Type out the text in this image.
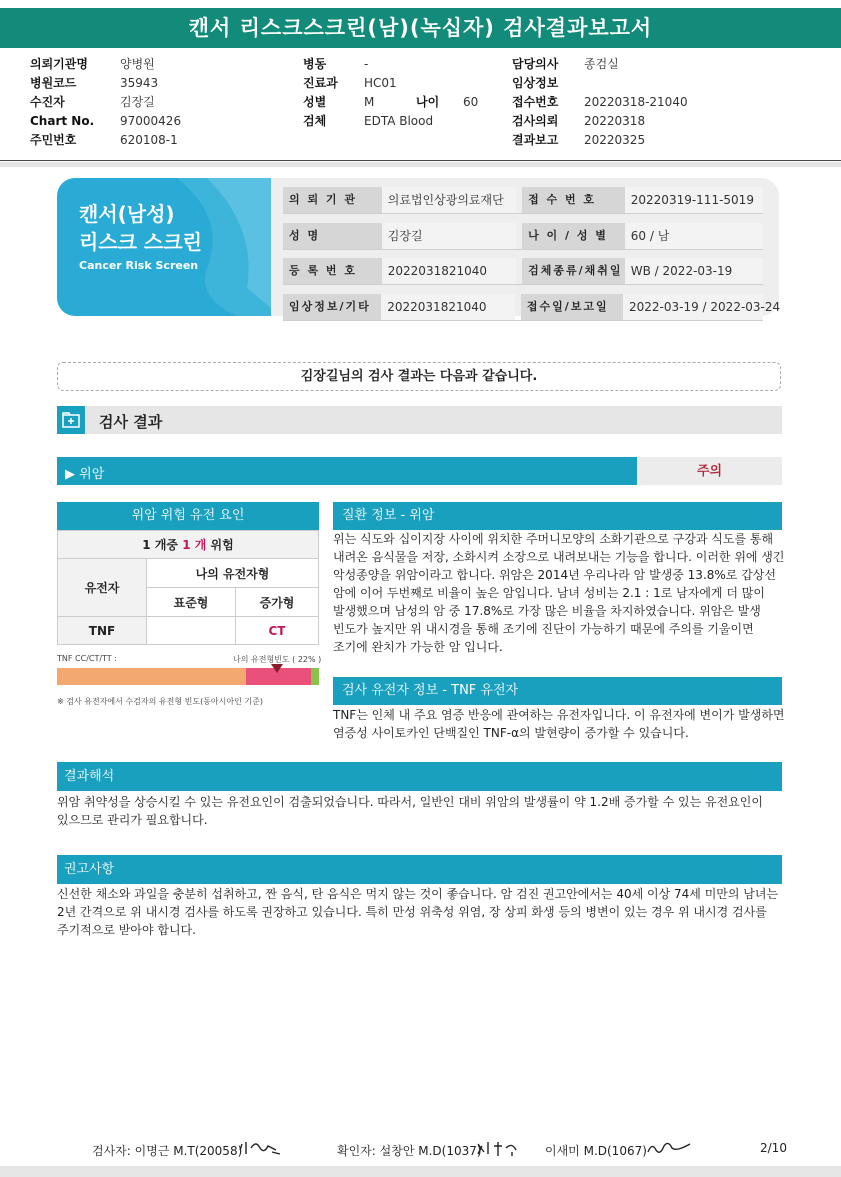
캔서 리스크스크린(남)(녹십자) 검사결과보고서
의뢰기관명	양병원
병원코드	35943
수진자	김장길
Chart No. 97000426
주민번호	620108-1
병동	-
진료과 HC01
성별	M
검체	EDTA Blood
나이 60
담당의사 종검실
임상정보
접수번호 20220318-21040
검사의뢰 20220318
결과보고 20220325
캔서(남성)
리스크 스크린
Cancer Risk Screen
의 뢰 기 관	의료법인상광의료재단	접 수 번 호	20220319-111-5019
성 명	김장길	나 이 / 성 별	60 / 남
등 록 번 호	2022031821040	검체종류/채취일 WB / 2022-03-19
임상정보/기타	2022031821040	접수일/보고일	2022-03-19 / 2022-03-24
김장길님의 검사 결과는 다음과 같습니다.
검사 결과
▶ 위암	주의
위암 위험 유전 요인
1 개중 1 개 위험		
유전자	나의 유전자형	
	표준형	증가형
TNF		CT
TNF CC/CT/TT :	나의 유전형빈도 ( 22% )
※ 검사 유전자에서 수검자의 유전형 빈도(동아시아인 기준)
질환 정보 - 위암
위는 식도와 십이지장 사이에 위치한 주머니모양의 소화기관으로 구강과 식도를 통해
내려온 음식물을 저장, 소화시켜 소장으로 내려보내는 기능을 합니다. 이러한 위에 생긴
악성종양을 위암이라고 합니다. 위암은 2014년 우리나라 암 발생중 13.8%로 갑상선
암에 이어 두번째로 비율이 높은 암입니다. 남녀 성비는 2.1 : 1로 남자에게 더 많이
발생했으며 남성의 암 중 17.8%로 가장 많은 비율을 차지하였습니다. 위암은 발생
빈도가 높지만 위 내시경을 통해 조기에 진단이 가능하기 때문에 주의를 기울이면
조기에 완치가 가능한 암 입니다.
검사 유전자 정보 - TNF 유전자
TNF는 인체 내 주요 염증 반응에 관여하는 유전자입니다. 이 유전자에 변이가 발생하면
염증성 사이토카인 단백질인 TNF-α의 발현량이 증가할 수 있습니다.
결과해석
위암 취약성을 상승시킬 수 있는 유전요인이 검출되었습니다. 따라서, 일반인 대비 위암의 발생률이 약 1.2배 증가할 수 있는 유전요인이
있으므로 관리가 필요합니다.
권고사항
신선한 채소와 과일을 충분히 섭취하고, 짠 음식, 탄 음식은 먹지 않는 것이 좋습니다. 암 검진 권고안에서는 40세 이상 74세 미만의 남녀는
2년 간격으로 위 내시경 검사를 하도록 권장하고 있습니다. 특히 만성 위축성 위염, 장 상피 화생 등의 병변이 있는 경우 위 내시경 검사를
주기적으로 받아야 합니다.
검사자: 이명근 M.T(20058)	확인자: 설창안 M.D(1037)	이새미 M.D(1067)	2/10
